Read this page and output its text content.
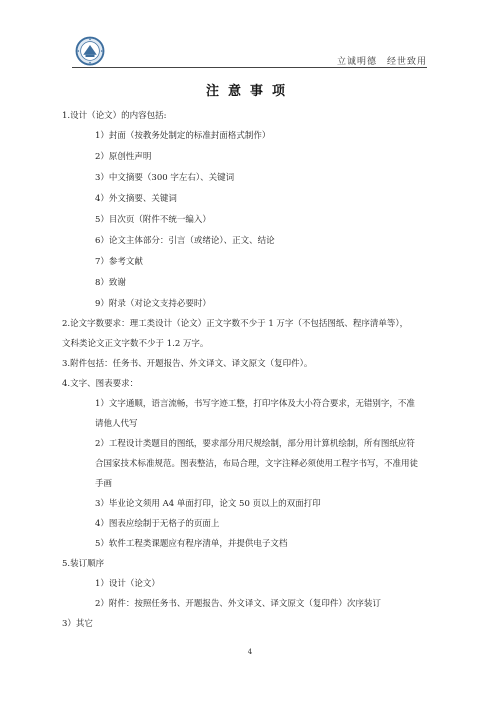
立诚明德　经世致用
注意事项
1.设计（论文）的内容包括:
1）封面（按教务处制定的标准封面格式制作）
2）原创性声明
3）中文摘要（300 字左右）、关键词
4）外文摘要、关键词
5）目次页（附件不统一编入）
6）论文主体部分：引言（或绪论）、正文、结论
7）参考文献
8）致谢
9）附录（对论文支持必要时）
2.论文字数要求：理工类设计（论文）正文字数不少于 1 万字（不包括图纸、程序清单等），
文科类论文正文字数不少于 1.2 万字。
3.附件包括：任务书、开题报告、外文译文、译文原文（复印件）。
4.文字、图表要求：
1）文字通顺，语言流畅，书写字迹工整，打印字体及大小符合要求，无错别字，不准
请他人代写
2）工程设计类题目的图纸，要求部分用尺规绘制，部分用计算机绘制，所有图纸应符
合国家技术标准规范。图表整洁，布局合理，文字注释必须使用工程字书写，不准用徒
手画
3）毕业论文须用 A4 单面打印，论文 50 页以上的双面打印
4）图表应绘制于无格子的页面上
5）软件工程类课题应有程序清单，并提供电子文档
5.装订顺序
1）设计（论文）
2）附件：按照任务书、开题报告、外文译文、译文原文（复印件）次序装订
3）其它
4
